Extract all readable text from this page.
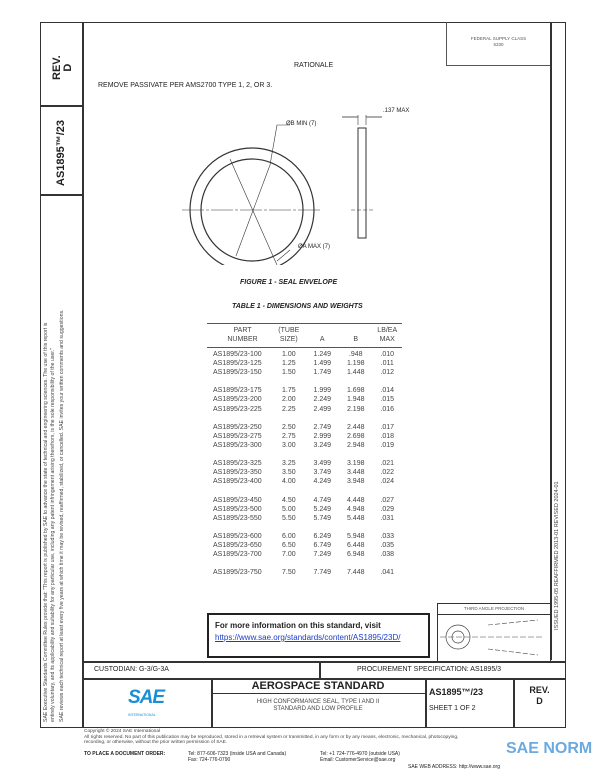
REV. D
AS1895™/23
SAE Executive Standards Committee Rules provide that: "This report is published by SAE to advance the state of technical and engineering sciences. The use of this report is entirely voluntary, and its applicability and suitability for any particular use, including any patent infringement arising therefrom, is the sole responsibility of the user." SAE reviews each technical report at least every five years at which time it may be revised, reaffirmed, stabilized, or cancelled. SAE invites your written comments and suggestions.	ISSUED 1995-05 REAFFIRMED 2013-01 REVISED 2024-01
FEDERAL SUPPLY CLASS
5330
RATIONALE
REMOVE PASSIVATE PER AMS2700 TYPE 1, 2, OR 3.
ØB MIN (7)
.137 MAX
ØA MAX (7)
FIGURE 1 - SEAL ENVELOPE
TABLE 1 - DIMENSIONS AND WEIGHTS
PART
NUMBER
(TUBE
SIZE)
	A
	B
LB/EA
MAX
AS1895/23-100	1.00	1.249	.948	.010
AS1895/23-125	1.25	1.499	1.198	.011
AS1895/23-150	1.50	1.749	1.448	.012
AS1895/23-175	1.75	1.999	1.698	.014
AS1895/23-200	2.00	2.249	1.948	.015
AS1895/23-225	2.25	2.499	2.198	.016
AS1895/23-250	2.50	2.749	2.448	.017
AS1895/23-275	2.75	2.999	2.698	.018
AS1895/23-300	3.00	3.249	2.948	.019
AS1895/23-325	3.25	3.499	3.198	.021
AS1895/23-350	3.50	3.749	3.448	.022
AS1895/23-400	4.00	4.249	3.948	.024
AS1895/23-450	4.50	4.749	4.448	.027
AS1895/23-500	5.00	5.249	4.948	.029
AS1895/23-550	5.50	5.749	5.448	.031
AS1895/23-600	6.00	6.249	5.948	.033
AS1895/23-650	6.50	6.749	6.448	.035
AS1895/23-700	7.00	7.249	6.948	.038
AS1895/23-750	7.50	7.749	7.448	.041
For more information on this standard, visit
https://www.sae.org/standards/content/AS1895/23D/
THIRD ANGLE PROJECTION
CUSTODIAN: G-3/G-3A	PROCUREMENT SPECIFICATION: AS1895/3
SAE
INTERNATIONAL
AEROSPACE STANDARD
HIGH CONFORMANCE SEAL, TYPE I AND II
STANDARD AND LOW PROFILE
AS1895™/23
SHEET 1 OF 2
REV.
D
Copyright © 2024 SAE International
All rights reserved. No part of this publication may be reproduced, stored in a retrieval system or transmitted, in any form or by any means, electronic, mechanical, photocopying,
recording, or otherwise, without the prior written permission of SAE.
TO PLACE A DOCUMENT ORDER:	Tel: 877-606-7323 (inside USA and Canada)
Fax: 724-776-0790
Tel: +1 724-776-4970 (outside USA)
Email: CustomerService@sae.org
SAE WEB ADDRESS: http://www.sae.org
SAE NORM
